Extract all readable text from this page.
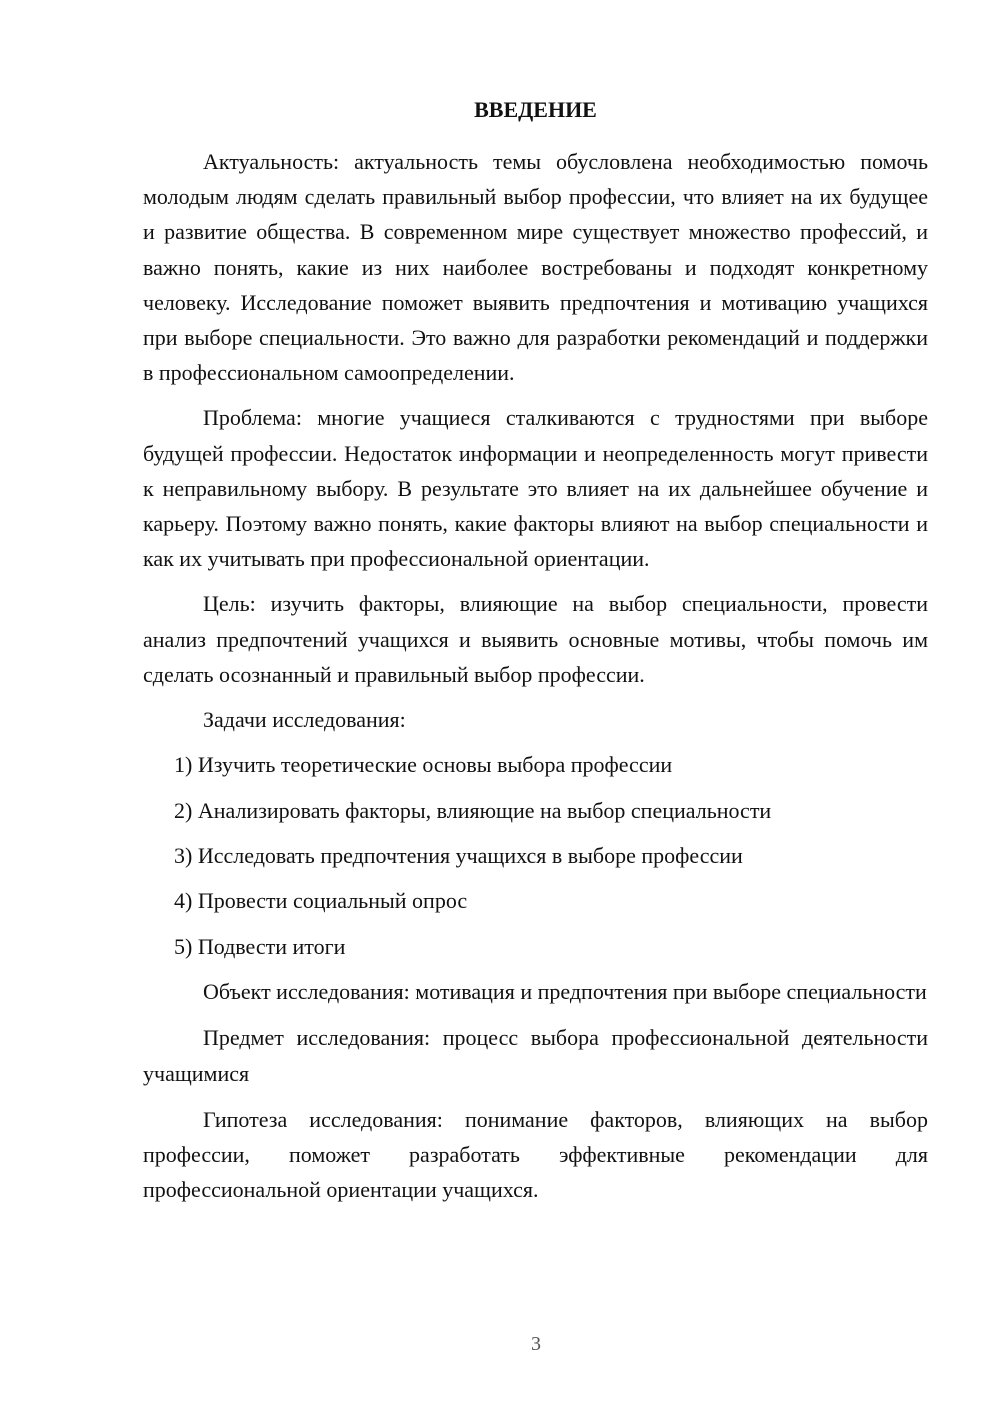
ВВЕДЕНИЕ

Актуальность: актуальность темы обусловлена необходимостью помочь молодым людям сделать правильный выбор профессии, что влияет на их будущее и развитие общества. В современном мире существует множество профессий, и важно понять, какие из них наиболее востребованы и подходят конкретному человеку. Исследование поможет выявить предпочтения и мотивацию учащихся при выборе специальности. Это важно для разработки рекомендаций и поддержки в профессиональном самоопределении.

Проблема: многие учащиеся сталкиваются с трудностями при выборе будущей профессии. Недостаток информации и неопределенность могут привести к неправильному выбору. В результате это влияет на их дальнейшее обучение и карьеру. Поэтому важно понять, какие факторы влияют на выбор специальности и как их учитывать при профессиональной ориентации.

Цель: изучить факторы, влияющие на выбор специальности, провести анализ предпочтений учащихся и выявить основные мотивы, чтобы помочь им сделать осознанный и правильный выбор профессии.

Задачи исследования:

1) Изучить теоретические основы выбора профессии
2) Анализировать факторы, влияющие на выбор специальности
3) Исследовать предпочтения учащихся в выборе профессии
4) Провести социальный опрос
5) Подвести итоги

Объект исследования: мотивация и предпочтения при выборе специальности

Предмет исследования: процесс выбора профессиональной деятельности учащимися

Гипотеза исследования: понимание факторов, влияющих на выбор профессии, поможет разработать эффективные рекомендации для профессиональной ориентации учащихся.

3
